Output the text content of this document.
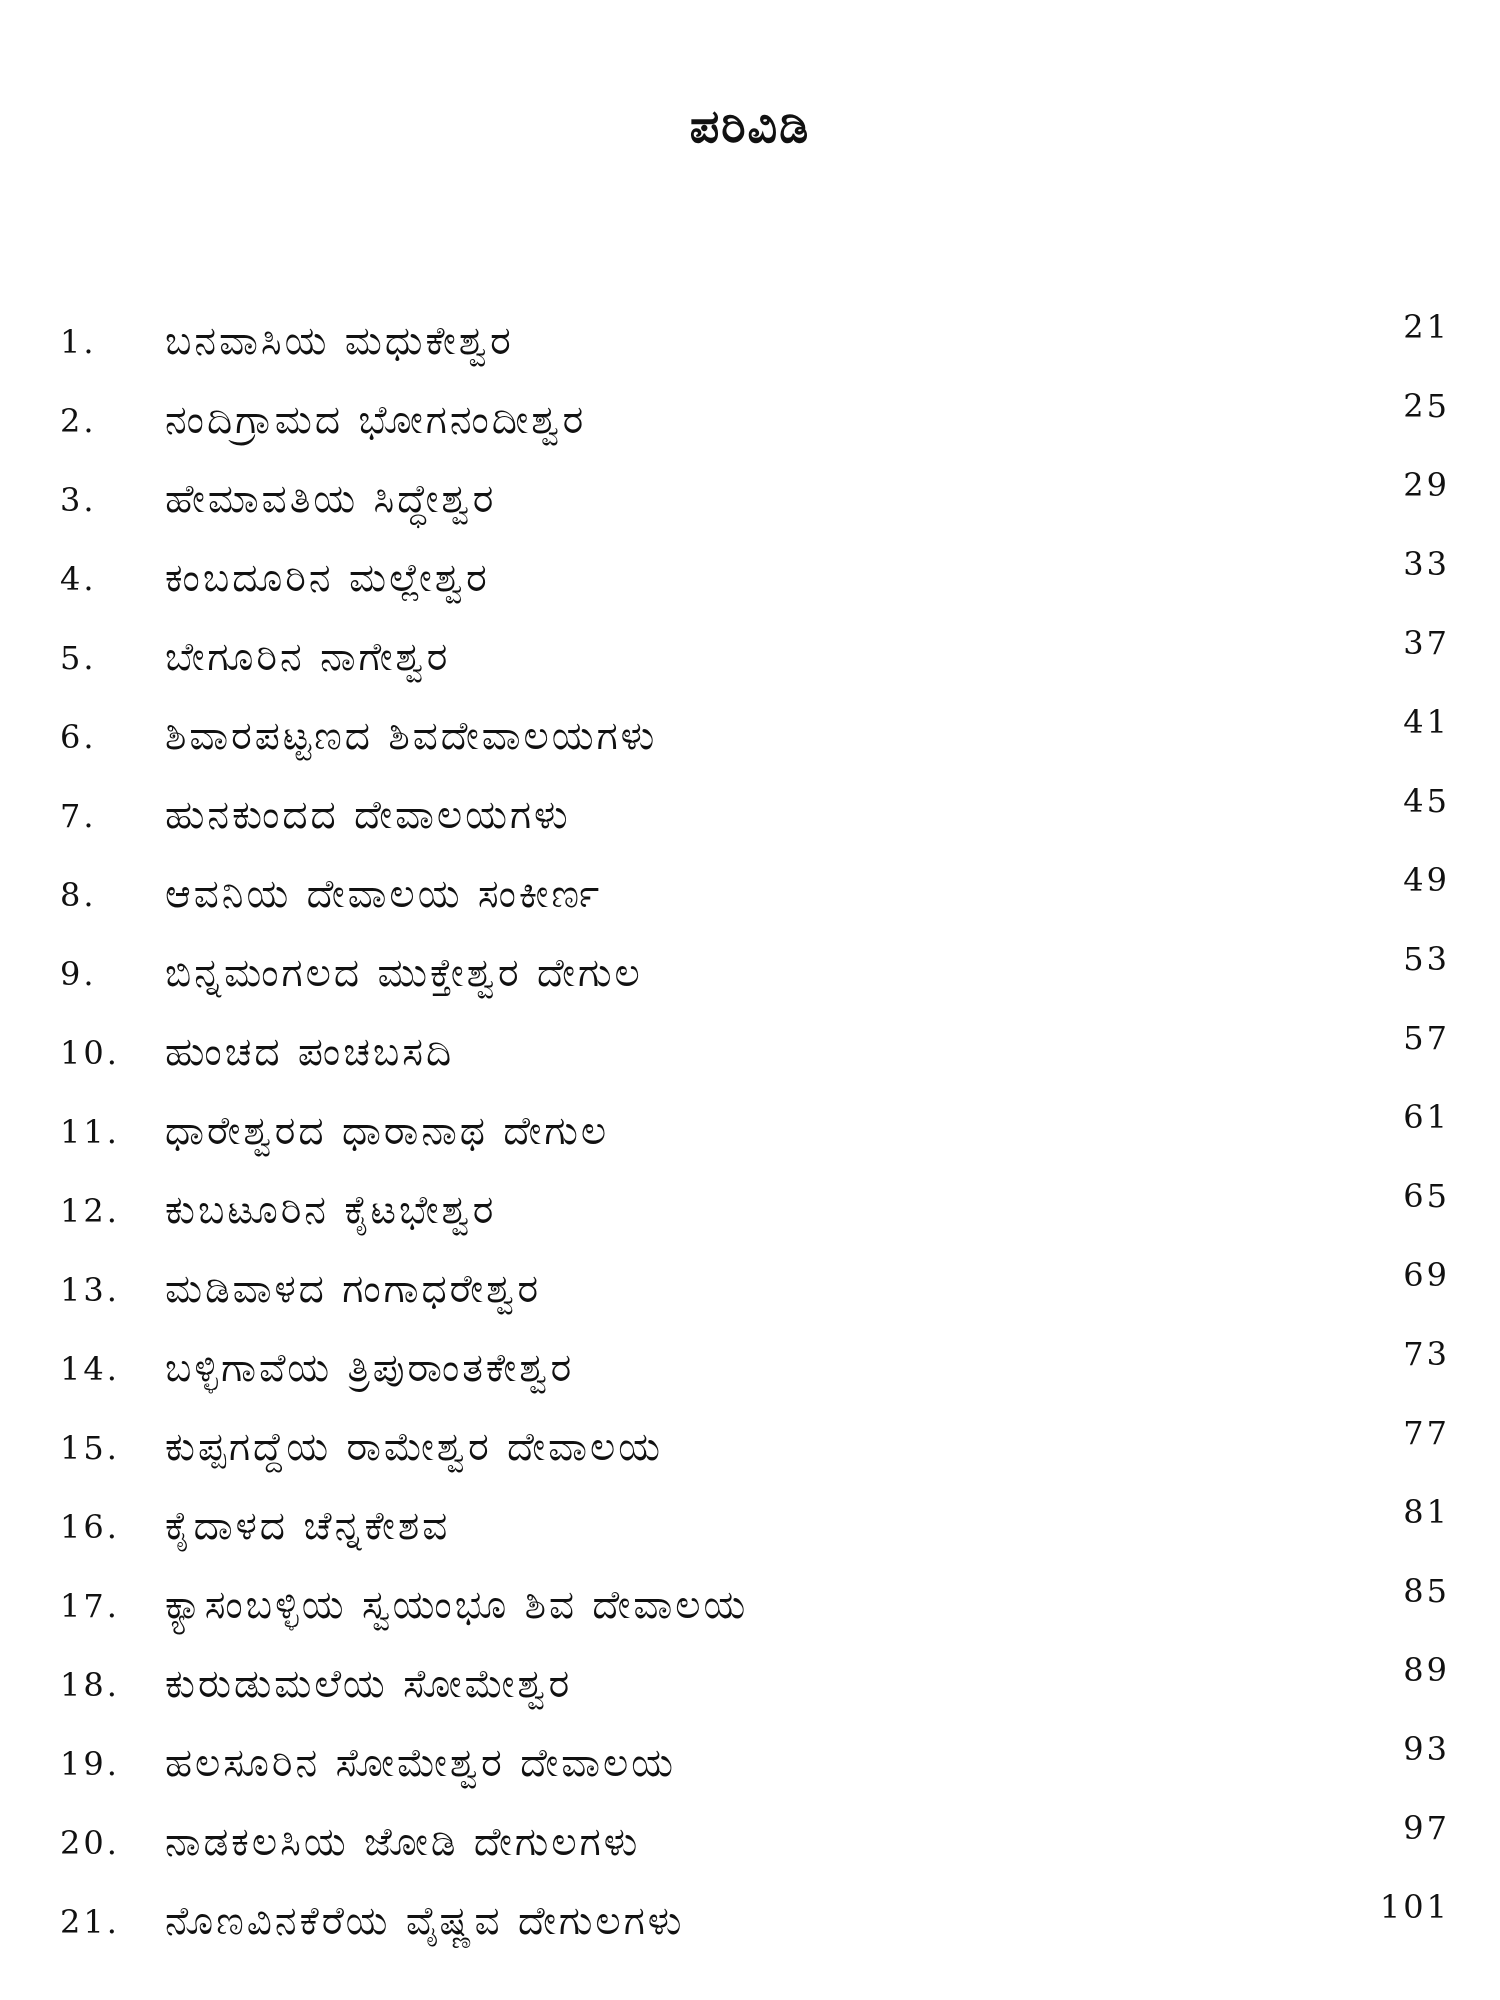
ಪರಿವಿಡಿ
1.	ಬನವಾಸಿಯ ಮಧುಕೇಶ್ವರ	21
2.	ನಂದಿಗ್ರಾಮದ ಭೋಗನಂದೀಶ್ವರ	25
3.	ಹೇಮಾವತಿಯ ಸಿದ್ಧೇಶ್ವರ	29
4.	ಕಂಬದೂರಿನ ಮಲ್ಲೇಶ್ವರ	33
5.	ಬೇಗೂರಿನ ನಾಗೇಶ್ವರ	37
6.	ಶಿವಾರಪಟ್ಟಣದ ಶಿವದೇವಾಲಯಗಳು	41
7.	ಹುನಕುಂದದ ದೇವಾಲಯಗಳು	45
8.	ಆವನಿಯ ದೇವಾಲಯ ಸಂಕೀರ್ಣ	49
9.	ಬಿನ್ನಮಂಗಲದ ಮುಕ್ತೇಶ್ವರ ದೇಗುಲ	53
10.	ಹುಂಚದ ಪಂಚಬಸದಿ	57
11.	ಧಾರೇಶ್ವರದ ಧಾರಾನಾಥ ದೇಗುಲ	61
12.	ಕುಬಟೂರಿನ ಕೈಟಭೇಶ್ವರ	65
13.	ಮಡಿವಾಳದ ಗಂಗಾಧರೇಶ್ವರ	69
14.	ಬಳ್ಳಿಗಾವೆಯ ತ್ರಿಪುರಾಂತಕೇಶ್ವರ	73
15.	ಕುಪ್ಪಗದ್ದೆಯ ರಾಮೇಶ್ವರ ದೇವಾಲಯ	77
16.	ಕೈದಾಳದ ಚೆನ್ನಕೇಶವ	81
17.	ಕ್ಯಾಸಂಬಳ್ಳಿಯ ಸ್ವಯಂಭೂ ಶಿವ ದೇವಾಲಯ	85
18.	ಕುರುಡುಮಲೆಯ ಸೋಮೇಶ್ವರ	89
19.	ಹಲಸೂರಿನ ಸೋಮೇಶ್ವರ ದೇವಾಲಯ	93
20.	ನಾಡಕಲಸಿಯ ಜೋಡಿ ದೇಗುಲಗಳು	97
21.	ನೊಣವಿನಕೆರೆಯ ವೈಷ್ಣವ ದೇಗುಲಗಳು	101
